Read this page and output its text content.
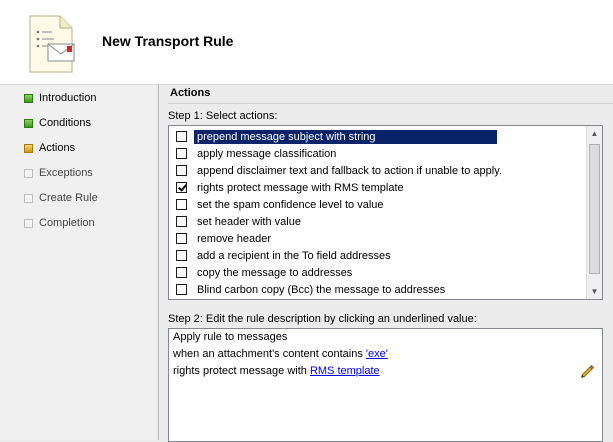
New Transport Rule
Introduction
Conditions
Actions
Exceptions
Create Rule
Completion
Actions
Step 1: Select actions:
prepend message subject with string
apply message classification
append disclaimer text and fallback to action if unable to apply.
rights protect message with RMS template
set the spam confidence level to value
set header with value
remove header
add a recipient in the To field addresses
copy the message to addresses
Blind carbon copy (Bcc) the message to addresses
▲
▼
Step 2: Edit the rule description by clicking an underlined value:
Apply rule to messages
when an attachment's content contains 'exe'
rights protect message with RMS template
